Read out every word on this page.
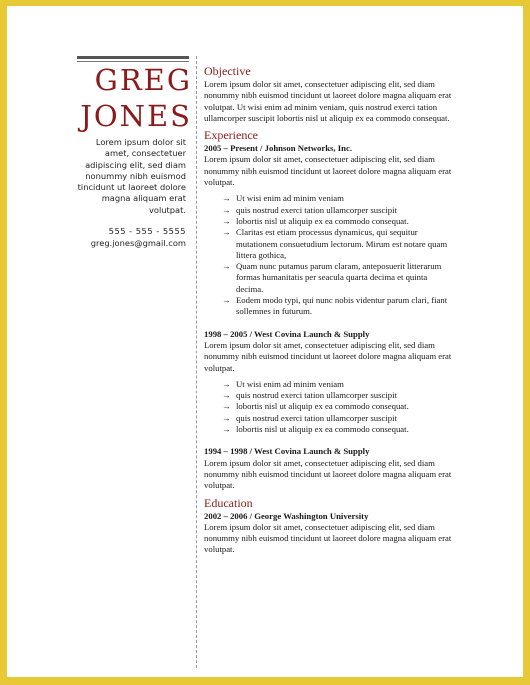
GREG
JONES
Lorem ipsum dolor sit amet, consectetuer adipiscing elit, sed diam nonummy nibh euismod tincidunt ut laoreet dolore magna aliquam erat volutpat.
555 - 555 - 5555
greg.jones@gmail.com
Objective

Lorem ipsum dolor sit amet, consectetuer adipiscing elit, sed diam nonummy nibh euismod tincidunt ut laoreet dolore magna aliquam erat volutpat. Ut wisi enim ad minim veniam, quis nostrud exerci tation ullamcorper suscipit lobortis nisl ut aliquip ex ea commodo consequat.

Experience

2005 – Present / Johnson Networks, Inc.

Lorem ipsum dolor sit amet, consectetuer adipiscing elit, sed diam nonummy nibh euismod tincidunt ut laoreet dolore magna aliquam erat volutpat.

→ Ut wisi enim ad minim veniam
→ quis nostrud exerci tation ullamcorper suscipit
→ lobortis nisl ut aliquip ex ea commodo consequat.
→ Claritas est etiam processus dynamicus, qui sequitur mutationem consuetudium lectorum. Mirum est notare quam littera gothica,
→ Quam nunc putamus parum claram, anteposuerit litterarum formas humanitatis per seacula quarta decima et quinta decima.
→ Eodem modo typi, qui nunc nobis videntur parum clari, fiant sollemnes in futurum.

1998 – 2005 / West Covina Launch & Supply

Lorem ipsum dolor sit amet, consectetuer adipiscing elit, sed diam nonummy nibh euismod tincidunt ut laoreet dolore magna aliquam erat volutpat.

→ Ut wisi enim ad minim veniam
→ quis nostrud exerci tation ullamcorper suscipit
→ lobortis nisl ut aliquip ex ea commodo consequat.
→ quis nostrud exerci tation ullamcorper suscipit
→ lobortis nisl ut aliquip ex ea commodo consequat.

1994 – 1998 / West Covina Launch & Supply

Lorem ipsum dolor sit amet, consectetuer adipiscing elit, sed diam nonummy nibh euismod tincidunt ut laoreet dolore magna aliquam erat volutpat.

Education

2002 – 2006 / George Washington University

Lorem ipsum dolor sit amet, consectetuer adipiscing elit, sed diam nonummy nibh euismod tincidunt ut laoreet dolore magna aliquam erat volutpat.
